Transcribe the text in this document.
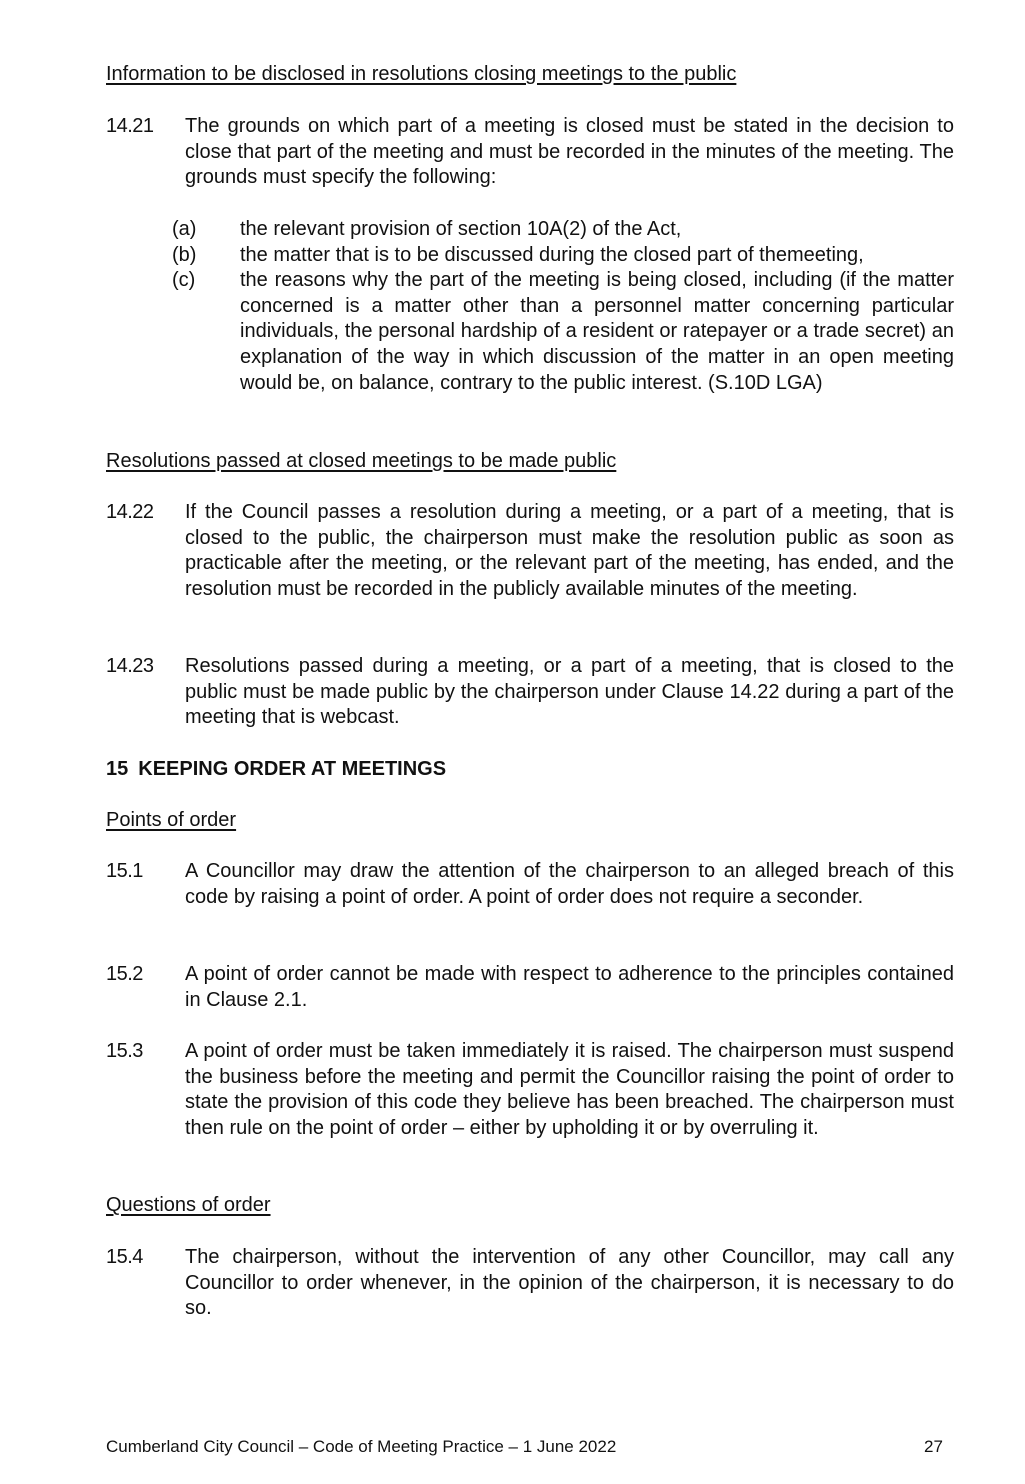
Information to be disclosed in resolutions closing meetings to the public
14.21	The grounds on which part of a meeting is closed must be stated in the decision to close that part of the meeting and must be recorded in the minutes of the meeting. The grounds must specify the following:
(a)	the relevant provision of section 10A(2) of the Act,
(b)	the matter that is to be discussed during the closed part of themeeting,
(c)	the reasons why the part of the meeting is being closed, including (if the matter concerned is a matter other than a personnel matter concerning particular individuals, the personal hardship of a resident or ratepayer or a trade secret) an explanation of the way in which discussion of the matter in an open meeting would be, on balance, contrary to the public interest. (S.10D LGA)
Resolutions passed at closed meetings to be made public
14.22	If the Council passes a resolution during a meeting, or a part of a meeting, that is closed to the public, the chairperson must make the resolution public as soon as practicable after the meeting, or the relevant part of the meeting, has ended, and the resolution must be recorded in the publicly available minutes of the meeting.
14.23	Resolutions passed during a meeting, or a part of a meeting, that is closed to the public must be made public by the chairperson under Clause 14.22 during a part of the meeting that is webcast.
15 KEEPING ORDER AT MEETINGS
Points of order
15.1	A Councillor may draw the attention of the chairperson to an alleged breach of this code by raising a point of order. A point of order does not require a seconder.
15.2	A point of order cannot be made with respect to adherence to the principles contained in Clause 2.1.
15.3	A point of order must be taken immediately it is raised. The chairperson must suspend the business before the meeting and permit the Councillor raising the point of order to state the provision of this code they believe has been breached. The chairperson must then rule on the point of order – either by upholding it or by overruling it.
Questions of order
15.4	The chairperson, without the intervention of any other Councillor, may call any Councillor to order whenever, in the opinion of the chairperson, it is necessary to do so.
Cumberland City Council – Code of Meeting Practice – 1 June 2022	27
